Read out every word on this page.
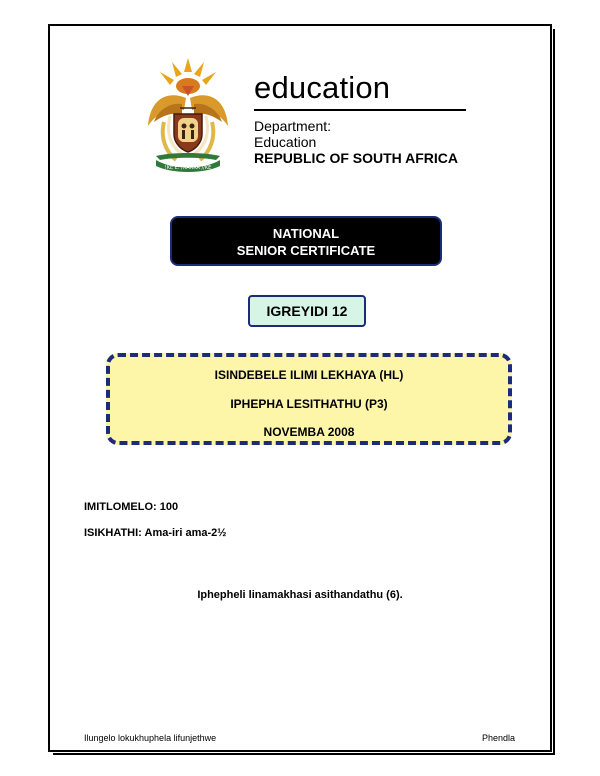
!KE E: /XARRA //KE
education
Department:
Education
REPUBLIC OF SOUTH AFRICA
NATIONAL
SENIOR CERTIFICATE
IGREYIDI 12
ISINDEBELE ILIMI LEKHAYA (HL)
IPHEPHA LESITHATHU (P3)
NOVEMBA 2008
IMITLOMELO: 100
ISIKHATHI: Ama-iri ama-2½
Iphepheli linamakhasi asithandathu (6).
Ilungelo lokukhuphela lifunjethwe	Phendla
